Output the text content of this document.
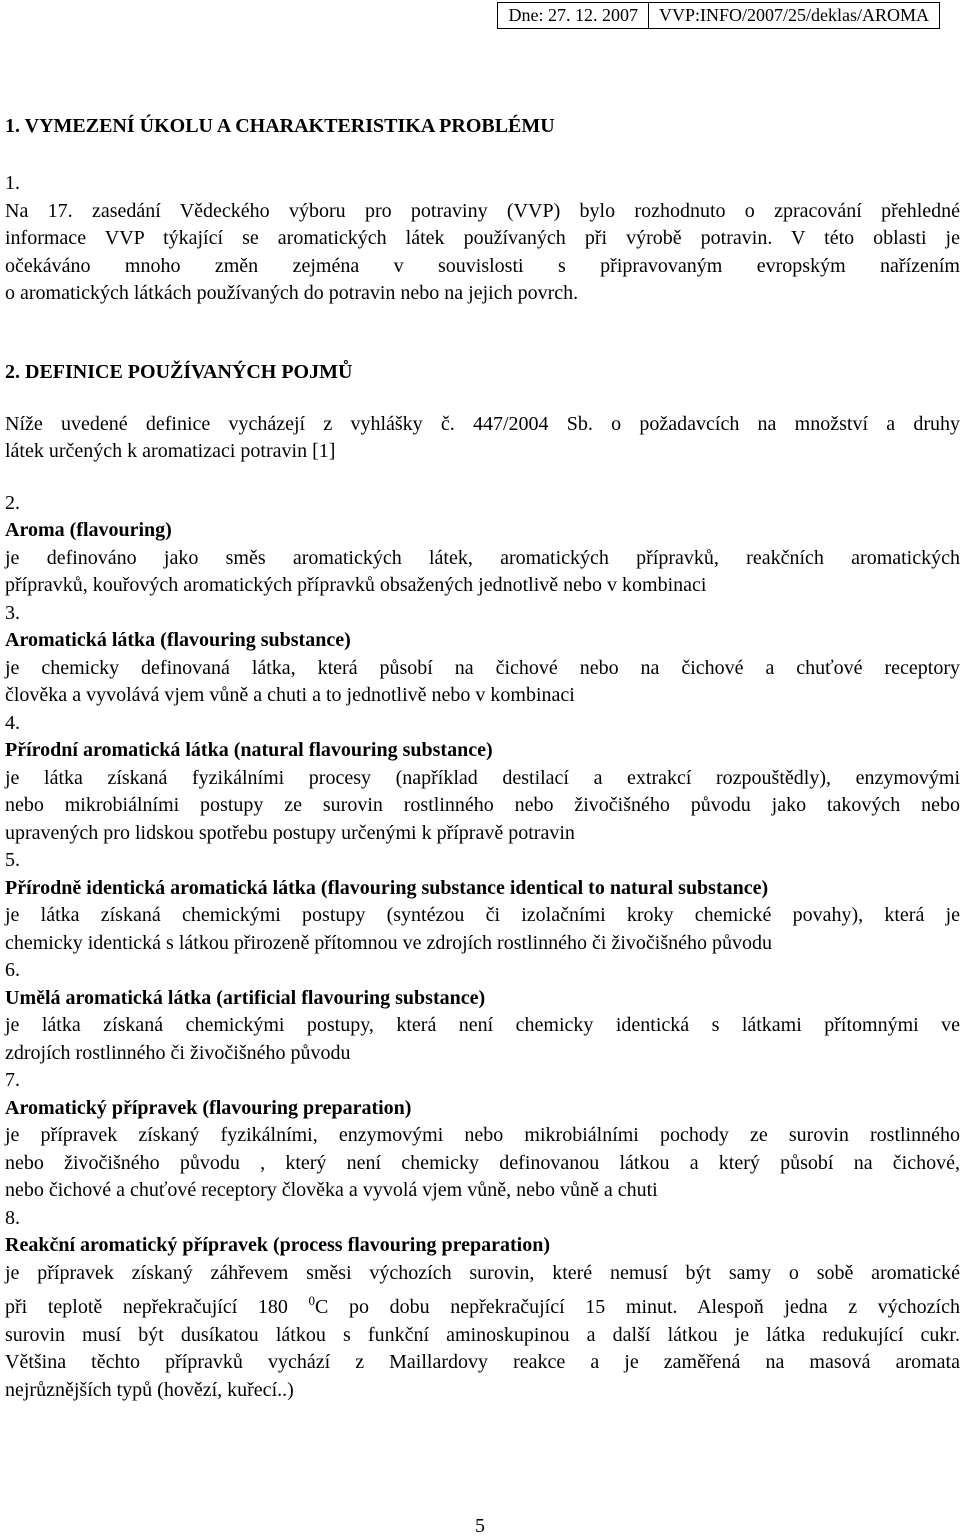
Dne: 27. 12. 2007	VVP:INFO/2007/25/deklas/AROMA
1. VYMEZENÍ ÚKOLU A CHARAKTERISTIKA PROBLÉMU
1.

Na 17. zasedání Vědeckého výboru pro potraviny (VVP) bylo rozhodnuto o zpracování přehledné

informace VVP týkající se aromatických látek používaných při výrobě potravin. V této oblasti je

očekáváno mnoho změn zejména v souvislosti s připravovaným evropským nařízením

o aromatických látkách používaných do potravin nebo na jejich povrch.

2. DEFINICE POUŽÍVANÝCH POJMŮ

Níže uvedené definice vycházejí z vyhlášky č. 447/2004 Sb. o požadavcích na množství a druhy

látek určených k aromatizaci potravin [1]

2.

Aroma (flavouring)

je definováno jako směs aromatických látek, aromatických přípravků, reakčních aromatických

přípravků, kouřových aromatických přípravků obsažených jednotlivě nebo v kombinaci

3.

Aromatická látka (flavouring substance)

je chemicky definovaná látka, která působí na čichové nebo na čichové a chuťové receptory

člověka a vyvolává vjem vůně a chuti a to jednotlivě nebo v kombinaci

4.

Přírodní aromatická látka (natural flavouring substance)

je látka získaná fyzikálními procesy (například destilací a extrakcí rozpouštědly), enzymovými

nebo mikrobiálními postupy ze surovin rostlinného nebo živočišného původu jako takových nebo

upravených pro lidskou spotřebu postupy určenými k přípravě potravin

5.

Přírodně identická aromatická látka (flavouring substance identical to natural substance)

je látka získaná chemickými postupy (syntézou či izolačními kroky chemické povahy), která je

chemicky identická s látkou přirozeně přítomnou ve zdrojích rostlinného či živočišného původu

6.

Umělá aromatická látka (artificial flavouring substance)

je látka získaná chemickými postupy, která není chemicky identická s látkami přítomnými ve

zdrojích rostlinného či živočišného původu

7.

Aromatický přípravek (flavouring preparation)

je přípravek získaný fyzikálními, enzymovými nebo mikrobiálními pochody ze surovin rostlinného

nebo živočišného původu , který není chemicky definovanou látkou a který působí na čichové,

nebo čichové a chuťové receptory člověka a vyvolá vjem vůně, nebo vůně a chuti

8.

Reakční aromatický přípravek (process flavouring preparation)

je přípravek získaný záhřevem směsi výchozích surovin, které nemusí být samy o sobě aromatické

při teplotě nepřekračující 180 $^0$C po dobu nepřekračující 15 minut. Alespoň jedna z výchozích

surovin musí být dusíkatou látkou s funkční aminoskupinou a další látkou je látka redukující cukr.

Většina těchto přípravků vychází z Maillardovy reakce a je zaměřená na masová aromata

nejrůznějších typů (hovězí, kuřecí..)

5
